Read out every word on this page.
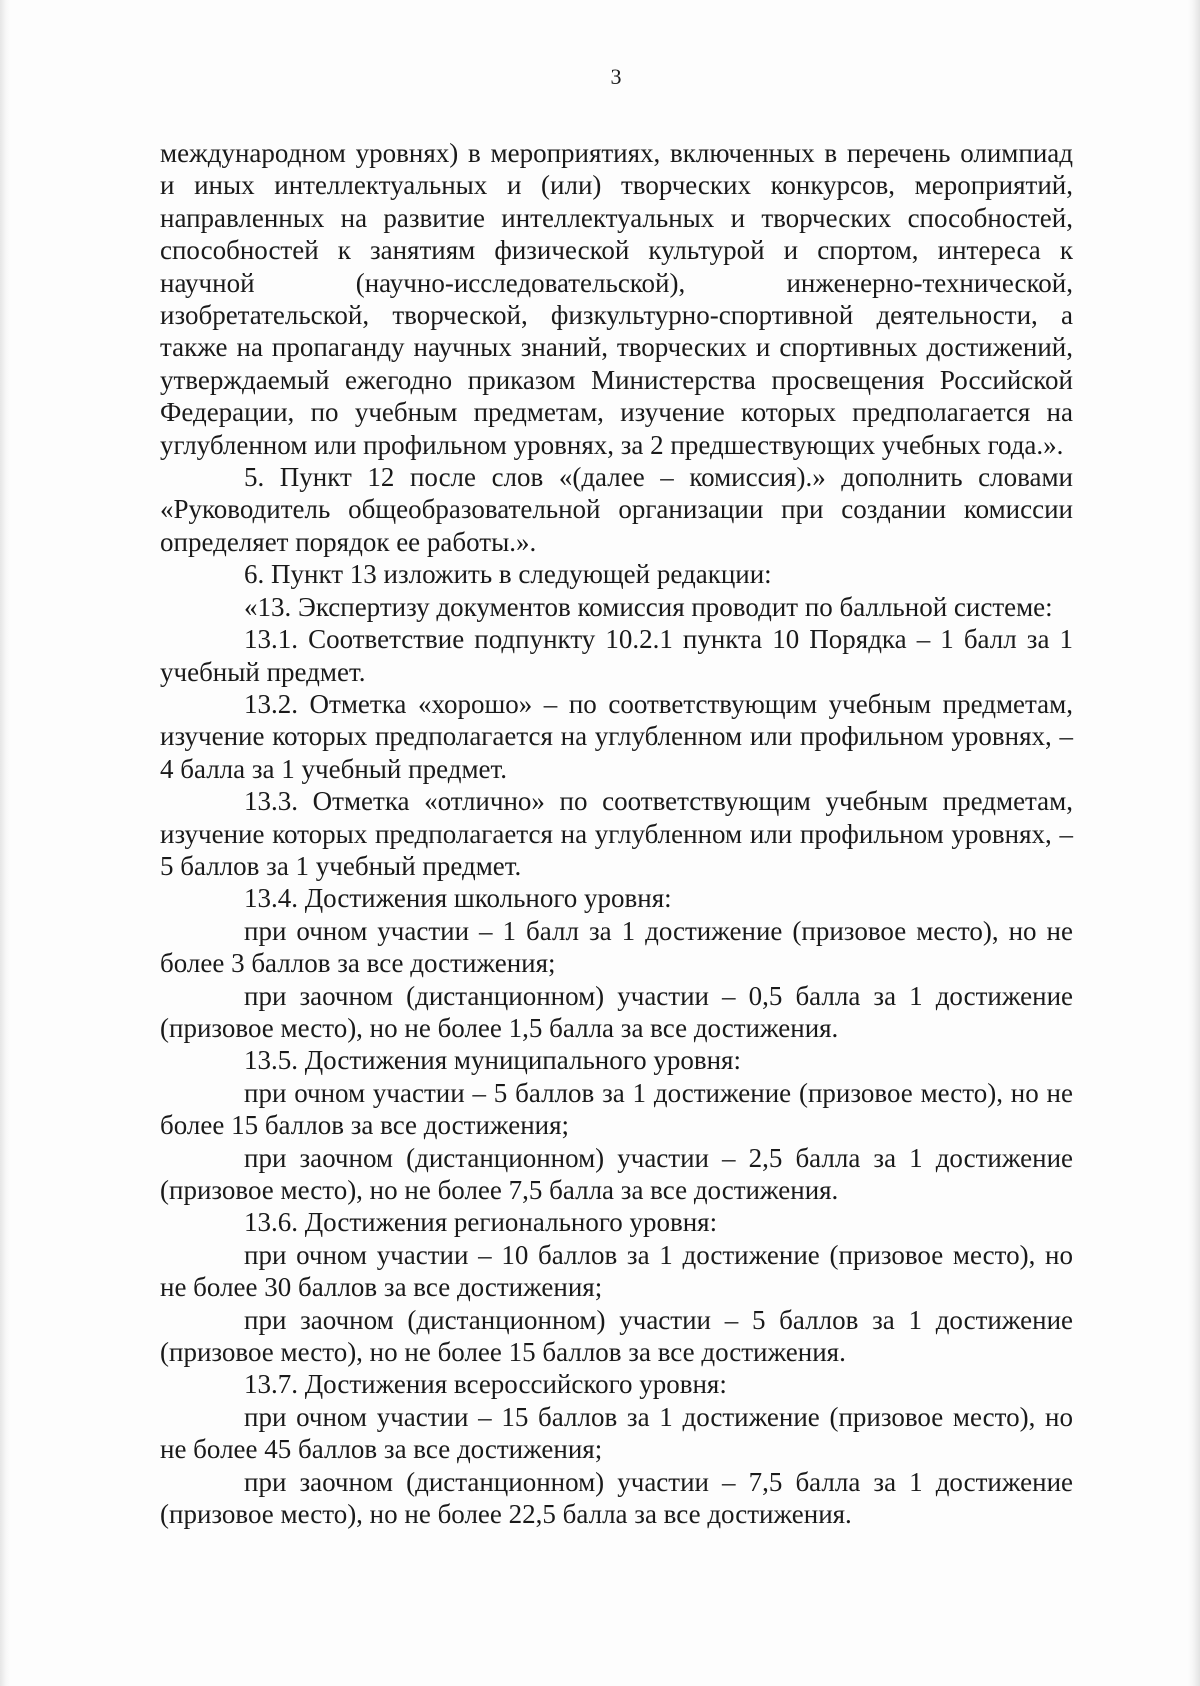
3

международном уровнях) в мероприятиях, включенных в перечень олимпиад и иных интеллектуальных и (или) творческих конкурсов, мероприятий, направленных на развитие интеллектуальных и творческих способностей, способностей к занятиям физической культурой и спортом, интереса к научной (научно-исследовательской), инженерно-технической, изобретательской, творческой, физкультурно-спортивной деятельности, а также на пропаганду научных знаний, творческих и спортивных достижений, утверждаемый ежегодно приказом Министерства просвещения Российской Федерации, по учебным предметам, изучение которых предполагается на углубленном или профильном уровнях, за 2 предшествующих учебных года.».

5. Пункт 12 после слов «(далее – комиссия).» дополнить словами «Руководитель общеобразовательной организации при создании комиссии определяет порядок ее работы.».

6. Пункт 13 изложить в следующей редакции:

«13. Экспертизу документов комиссия проводит по балльной системе:

13.1. Соответствие подпункту 10.2.1 пункта 10 Порядка – 1 балл за 1 учебный предмет.

13.2. Отметка «хорошо» – по соответствующим учебным предметам, изучение которых предполагается на углубленном или профильном уровнях, – 4 балла за 1 учебный предмет.

13.3. Отметка «отлично» по соответствующим учебным предметам, изучение которых предполагается на углубленном или профильном уровнях, – 5 баллов за 1 учебный предмет.

13.4. Достижения школьного уровня:

при очном участии – 1 балл за 1 достижение (призовое место), но не более 3 баллов за все достижения;

при заочном (дистанционном) участии – 0,5 балла за 1 достижение (призовое место), но не более 1,5 балла за все достижения.

13.5. Достижения муниципального уровня:

при очном участии – 5 баллов за 1 достижение (призовое место), но не более 15 баллов за все достижения;

при заочном (дистанционном) участии – 2,5 балла за 1 достижение (призовое место), но не более 7,5 балла за все достижения.

13.6. Достижения регионального уровня:

при очном участии – 10 баллов за 1 достижение (призовое место), но не более 30 баллов за все достижения;

при заочном (дистанционном) участии – 5 баллов за 1 достижение (призовое место), но не более 15 баллов за все достижения.

13.7. Достижения всероссийского уровня:

при очном участии – 15 баллов за 1 достижение (призовое место), но не более 45 баллов за все достижения;

при заочном (дистанционном) участии – 7,5 балла за 1 достижение (призовое место), но не более 22,5 балла за все достижения.
